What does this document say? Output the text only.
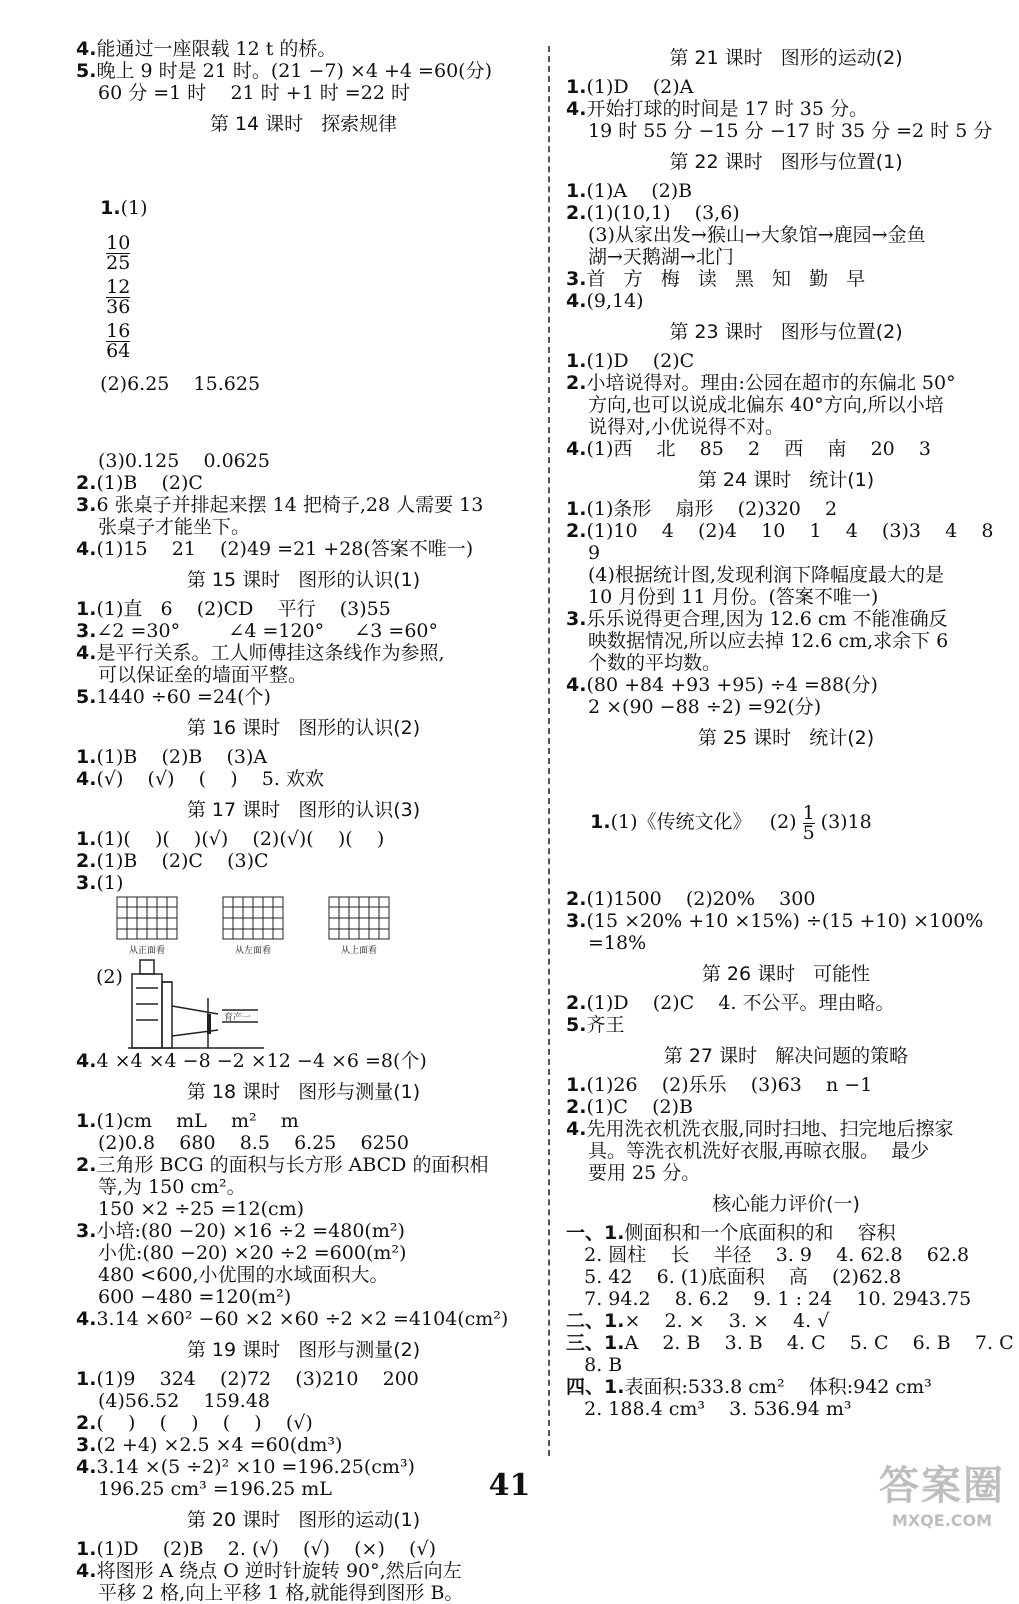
4.能通过一座限载 12 t 的桥。
5.晚上 9 时是 21 时。(21 −7) ×4 +4 =60(分)
60 分 =1 时    21 时 +1 时 =22 时
第 14 课时   探索规律

1.(1)

$\frac{10}{25}$

$\frac{12}{36}$

$\frac{16}{64}$

(2)6.25    15.625

(3)0.125    0.0625
2.(1)B    (2)C
3.6 张桌子并排起来摆 14 把椅子,28 人需要 13
张桌子才能坐下。
4.(1)15    21    (2)49 =21 +28(答案不唯一)
第 15 课时   图形的认识(1)
1.(1)直   6    (2)CD    平行    (3)55
3.∠2 =30°        ∠4 =120°     ∠3 =60°
4.是平行关系。工人师傅挂这条线作为参照,
可以保证垒的墙面平整。
5.1440 ÷60 =24(个)
第 16 课时   图形的认识(2)
1.(1)B    (2)B    (3)A
4.(√)    (√)    (    )    5. 欢欢
第 17 课时   图形的认识(3)
1.(1)(    )(    )(√)    (2)(√)(    )(    )
2.(1)B    (2)C    (3)C
3.(1)
从正面看	从左面看	从上面看
(2)
育产一
4.4 ×4 ×4 −8 −2 ×12 −4 ×6 =8(个)
第 18 课时   图形与测量(1)
1.(1)cm    mL    m²    m
(2)0.8    680    8.5    6.25    6250
2.三角形 BCG 的面积与长方形 ABCD 的面积相
等,为 150 cm²。
150 ×2 ÷25 =12(cm)
3.小培:(80 −20) ×16 ÷2 =480(m²)
小优:(80 −20) ×20 ÷2 =600(m²)
480 <600,小优围的水域面积大。
600 −480 =120(m²)
4.3.14 ×60² −60 ×2 ×60 ÷2 ×2 =4104(cm²)
第 19 课时   图形与测量(2)
1.(1)9    324    (2)72    (3)210    200
(4)56.52    159.48
2.(    )    (    )    (    )    (√)
3.(2 +4) ×2.5 ×4 =60(dm³)
4.3.14 ×(5 ÷2)² ×10 =196.25(cm³)
196.25 cm³ =196.25 mL
第 20 课时   图形的运动(1)
1.(1)D    (2)B    2. (√)    (√)    (×)    (√)
4.将图形 A 绕点 O 逆时针旋转 90°,然后向左
平移 2 格,向上平移 1 格,就能得到图形 B。
第 21 课时   图形的运动(2)
1.(1)D    (2)A
4.开始打球的时间是 17 时 35 分。
19 时 55 分 −15 分 −17 时 35 分 =2 时 5 分
第 22 课时   图形与位置(1)
1.(1)A    (2)B
2.(1)(10,1)    (3,6)
(3)从家出发→猴山→大象馆→鹿园→金鱼
湖→天鹅湖→北门
3.首   方   梅   读   黑   知   勤   早
4.(9,14)
第 23 课时   图形与位置(2)
1.(1)D    (2)C
2.小培说得对。理由:公园在超市的东偏北 50°
方向,也可以说成北偏东 40°方向,所以小培
说得对,小优说得不对。
4.(1)西    北    85    2    西    南    20    3
第 24 课时   统计(1)
1.(1)条形    扇形    (2)320    2
2.(1)10    4    (2)4    10    1    4    (3)3    4    8
9
(4)根据统计图,发现利润下降幅度最大的是
10 月份到 11 月份。(答案不唯一)
3.乐乐说得更合理,因为 12.6 cm 不能准确反
映数据情况,所以应去掉 12.6 cm,求余下 6
个数的平均数。
4.(80 +84 +93 +95) ÷4 =88(分)
2 ×(90 −88 ÷2) =92(分)
第 25 课时   统计(2)

1.(1)《传统文化》   $(2) \frac{1}{5} (3)18$

2.(1)1500    (2)20%    300
3.(15 ×20% +10 ×15%) ÷(15 +10) ×100%
=18%
第 26 课时   可能性
2.(1)D    (2)C    4. 不公平。理由略。
5.齐王
第 27 课时   解决问题的策略
1.(1)26    (2)乐乐    (3)63    n −1
2.(1)C    (2)B
4.先用洗衣机洗衣服,同时扫地、扫完地后擦家
具。等洗衣机洗好衣服,再晾衣服。  最少
要用 25 分。
核心能力评价(一)
一、1.侧面积和一个底面积的和    容积
2. 圆柱    长    半径    3. 9    4. 62.8    62.8
5. 42    6. (1)底面积    高    (2)62.8
7. 94.2    8. 6.2    9. 1 : 24    10. 2943.75
二、1.×    2. ×    3. ×    4. √
三、1.A    2. B    3. B    4. C    5. C    6. B    7. C
8. B
四、1.表面积:533.8 cm²    体积:942 cm³
2. 188.4 cm³    3. 536.94 m³
41	答案圈
MXQE.COM
